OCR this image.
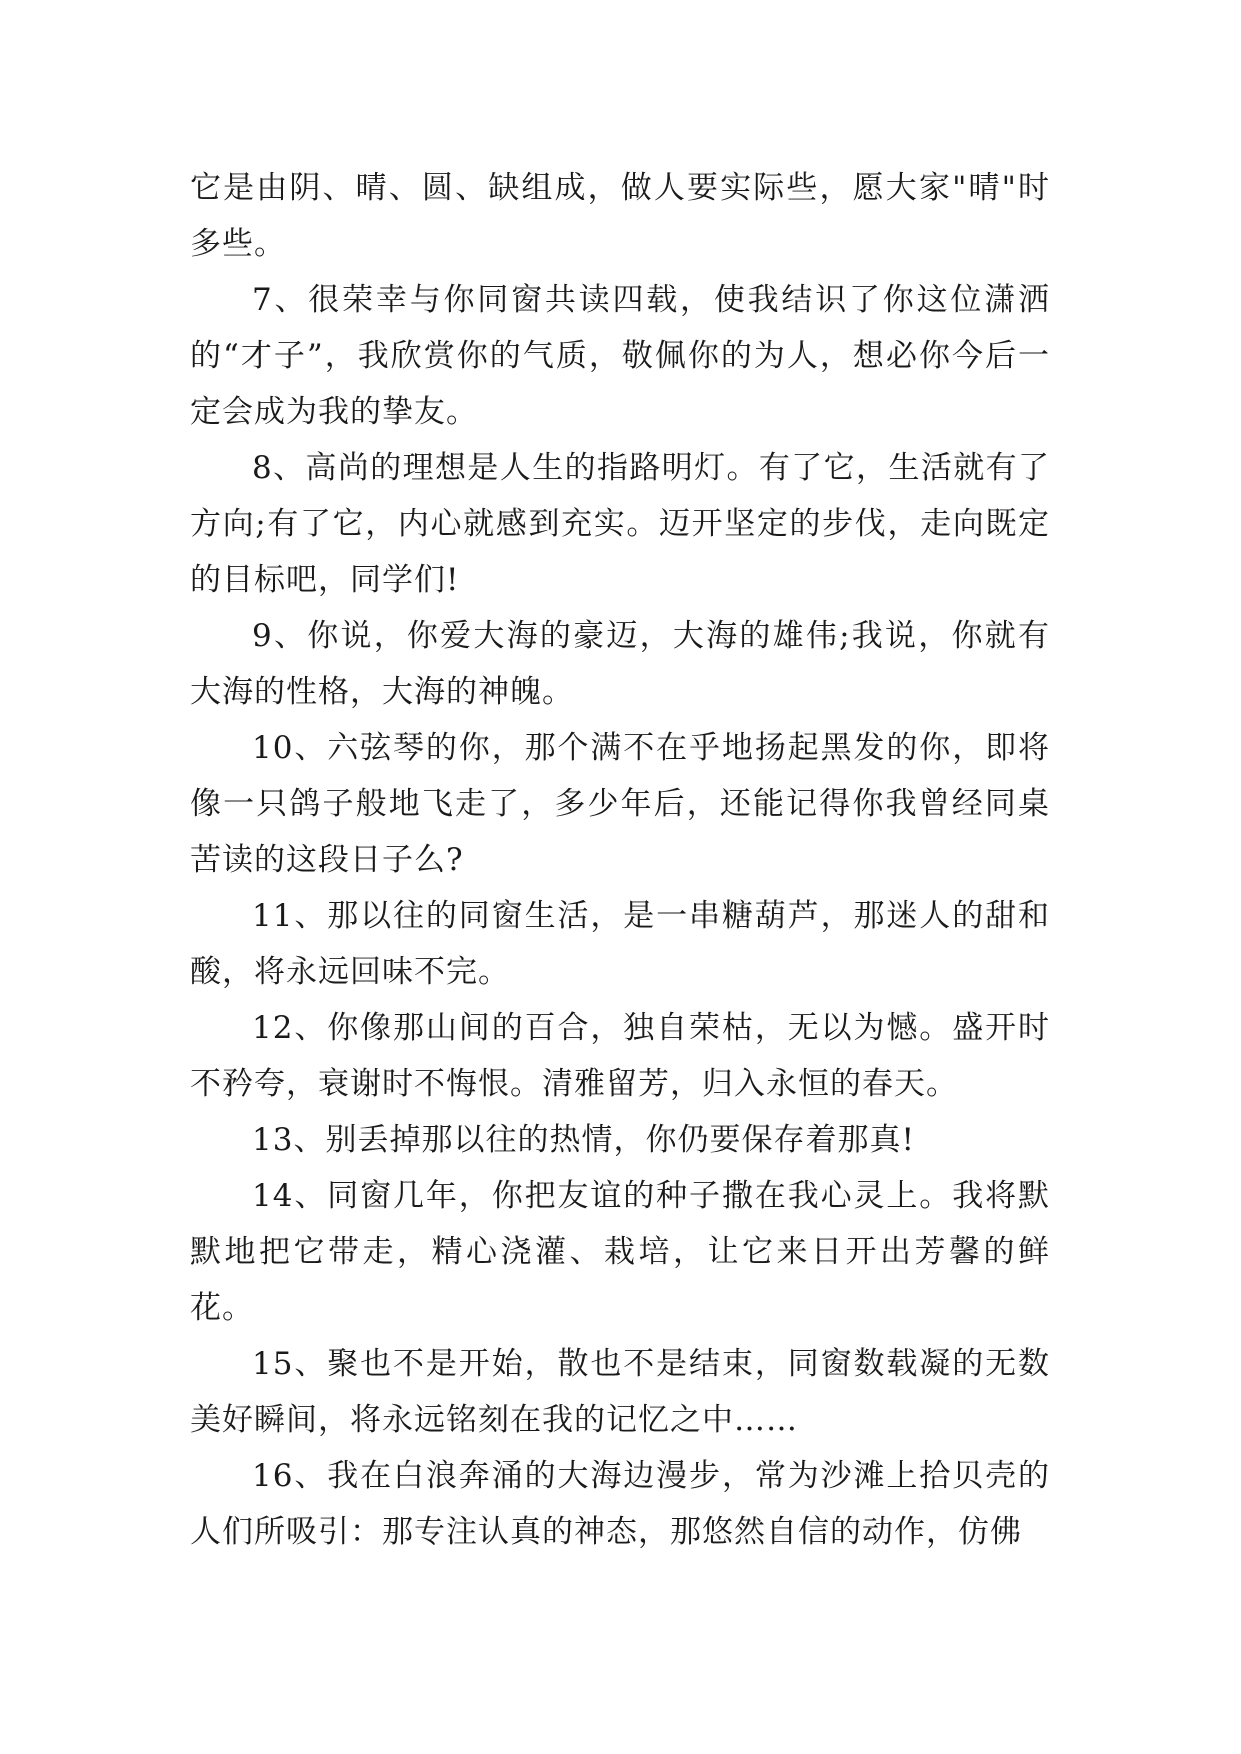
它是由阴、晴、圆、缺组成，做人要实际些，愿大家"晴"时多些。

7、很荣幸与你同窗共读四载，使我结识了你这位潇洒的“才子”，我欣赏你的气质，敬佩你的为人，想必你今后一定会成为我的挚友。

8、高尚的理想是人生的指路明灯。有了它，生活就有了方向;有了它，内心就感到充实。迈开坚定的步伐，走向既定的目标吧，同学们!

9、你说，你爱大海的豪迈，大海的雄伟;我说，你就有大海的性格，大海的神魄。

10、六弦琴的你，那个满不在乎地扬起黑发的你，即将像一只鸽子般地飞走了，多少年后，还能记得你我曾经同桌苦读的这段日子么?

11、那以往的同窗生活，是一串糖葫芦，那迷人的甜和酸，将永远回味不完。

12、你像那山间的百合，独自荣枯，无以为憾。盛开时不矜夸，衰谢时不悔恨。清雅留芳，归入永恒的春天。

13、别丢掉那以往的热情，你仍要保存着那真!

14、同窗几年，你把友谊的种子撒在我心灵上。我将默默地把它带走，精心浇灌、栽培，让它来日开出芳馨的鲜花。

15、聚也不是开始，散也不是结束，同窗数载凝的无数美好瞬间，将永远铭刻在我的记忆之中……

16、我在白浪奔涌的大海边漫步，常为沙滩上拾贝壳的人们所吸引：那专注认真的神态，那悠然自信的动作，仿佛
